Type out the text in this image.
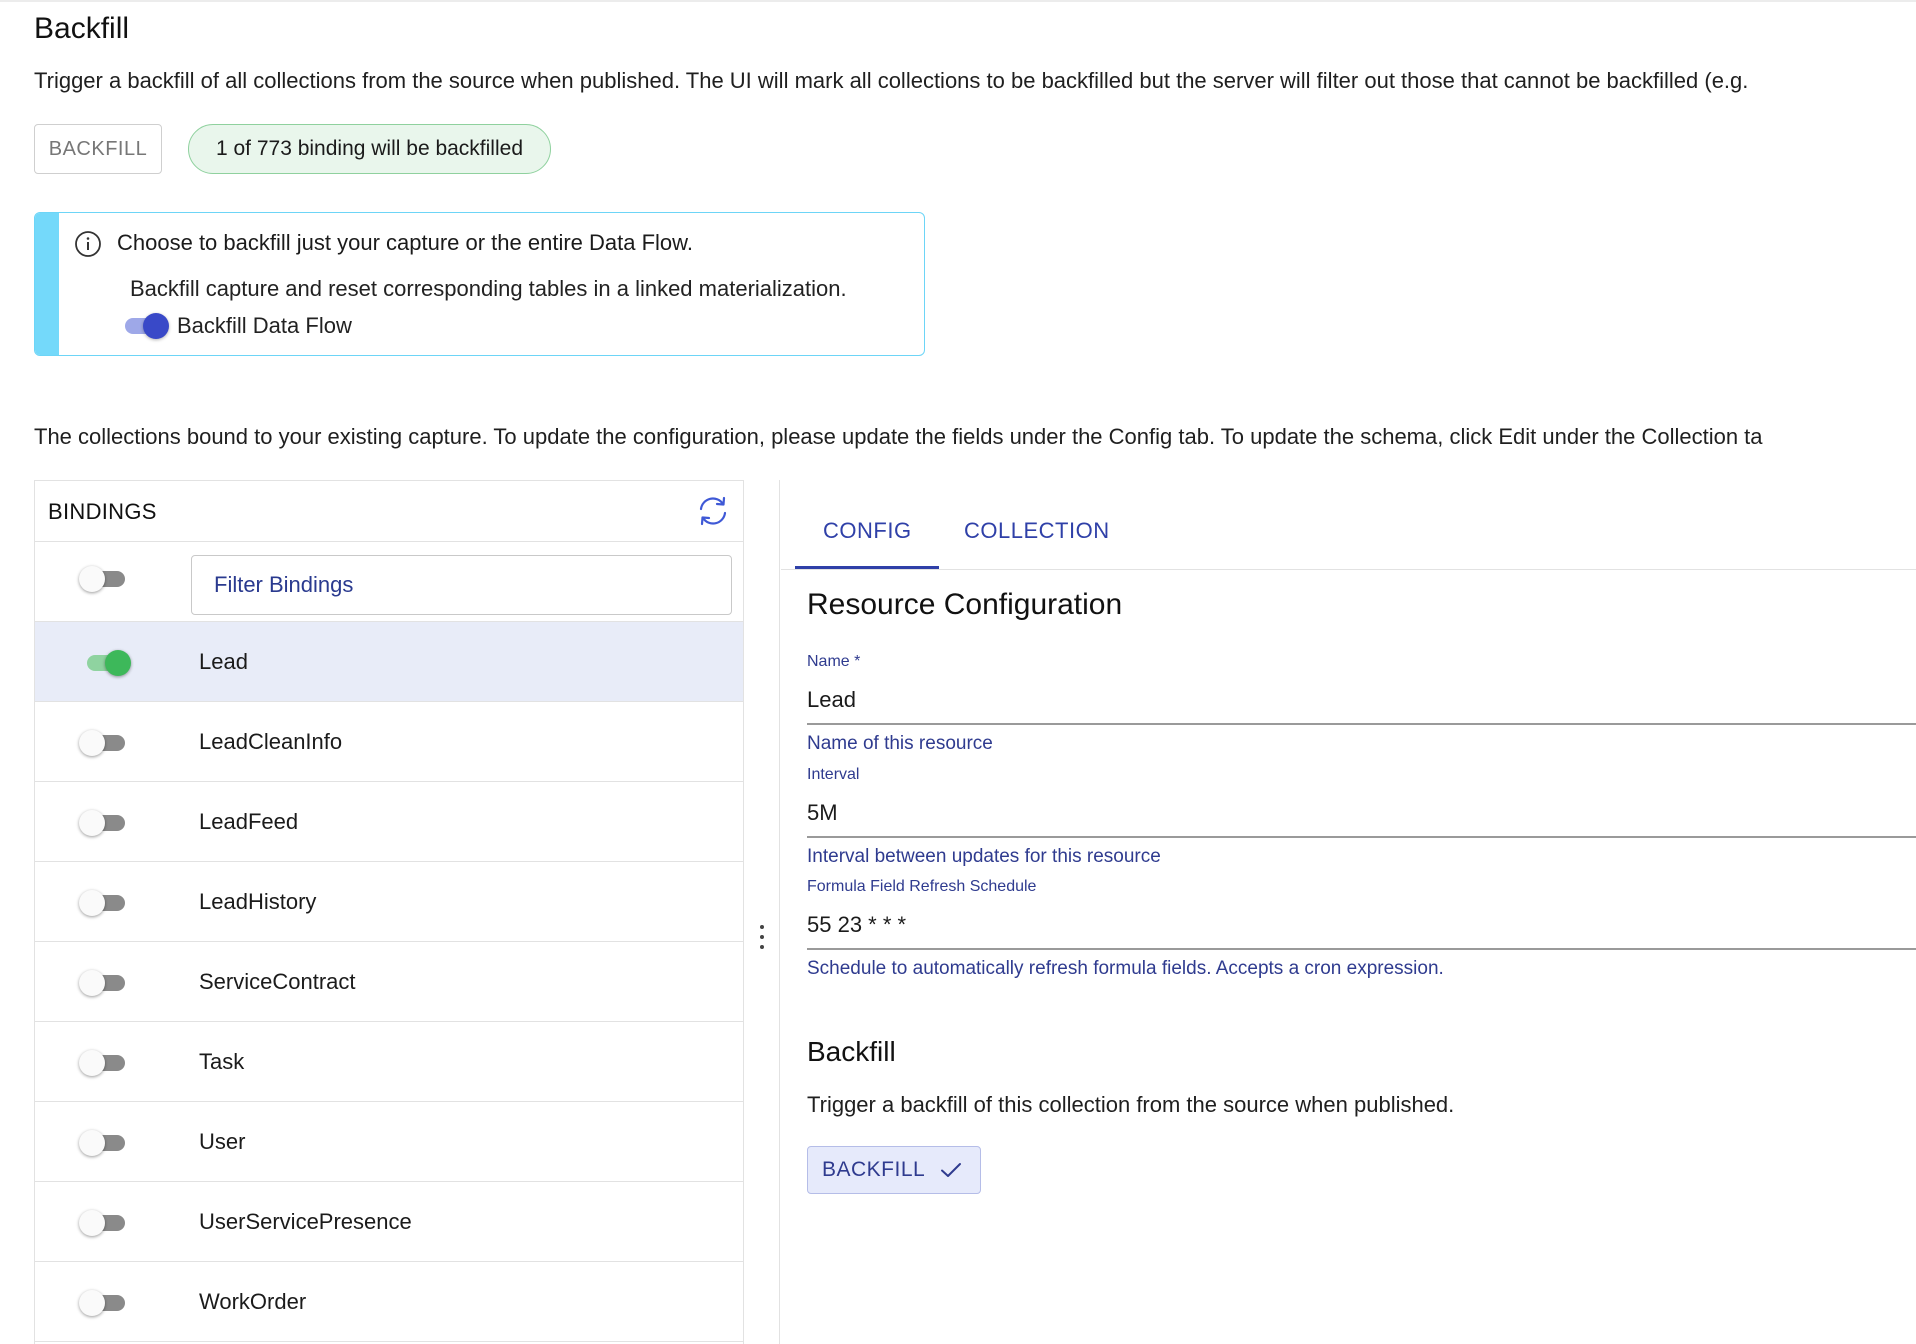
Backfill
Trigger a backfill of all collections from the source when published. The UI will mark all collections to be backfilled but the server will filter out those that cannot be backfilled (e.g.
BACKFILL	1 of 773 binding will be backfilled
Choose to backfill just your capture or the entire Data Flow.
Backfill capture and reset corresponding tables in a linked materialization.
Backfill Data Flow
The collections bound to your existing capture. To update the configuration, please update the fields under the Config tab. To update the schema, click Edit under the Collection ta
BINDINGS
Filter Bindings
Lead
LeadCleanInfo
LeadFeed
LeadHistory
ServiceContract
Task
User
UserServicePresence
WorkOrder
CONFIG COLLECTION
Resource Configuration
Name *
Lead
Name of this resource
Interval
5M
Interval between updates for this resource
Formula Field Refresh Schedule
55 23 * * *
Schedule to automatically refresh formula fields. Accepts a cron expression.
Backfill
Trigger a backfill of this collection from the source when published.
BACKFILL
